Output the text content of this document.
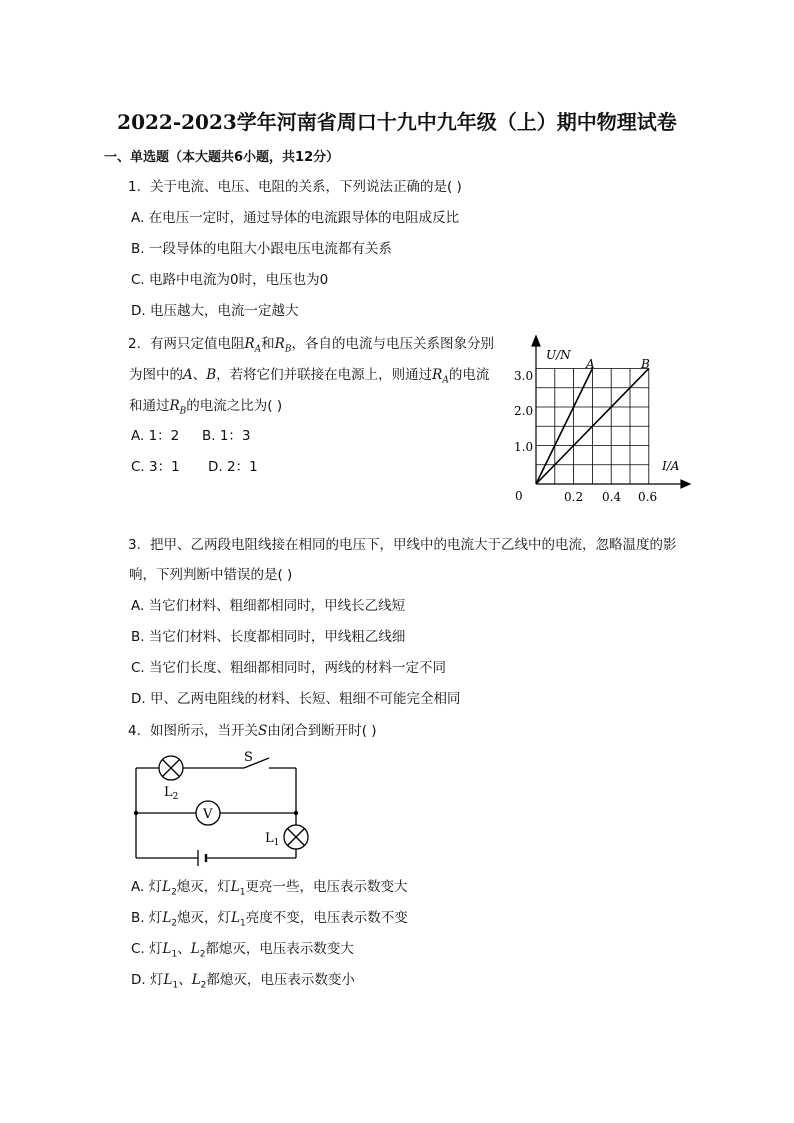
2022-2023学年河南省周口十九中九年级（上）期中物理试卷
一、单选题（本大题共6小题，共12分）
1. 关于电流、电压、电阻的关系，下列说法正确的是( )
A. 在电压一定时，通过导体的电流跟导体的电阻成反比
B. 一段导体的电阻大小跟电压电流都有关系
C. 电路中电流为0时，电压也为0
D. 电压越大，电流一定越大
2. 有两只定值电阻$R_A$和$R_B$，各自的电流与电压关系图象分别
为图中的A、B，若将它们并联接在电源上，则通过$R_A$的电流
和通过$R_B$的电流之比为( )
A. 1：2 B. 1：3
C. 3：1 D. 2：1
U/N
I/A
3.0
2.0
1.0
0	0.2 0.4 0.6
A	B
3. 把甲、乙两段电阻线接在相同的电压下，甲线中的电流大于乙线中的电流，忽略温度的影
响，下列判断中错误的是( )
A. 当它们材料、粗细都相同时，甲线长乙线短
B. 当它们材料、长度都相同时，甲线粗乙线细
C. 当它们长度、粗细都相同时，两线的材料一定不同
D. 甲、乙两电阻线的材料、长短、粗细不可能完全相同
4. 如图所示，当开关S由闭合到断开时( )
S
V
$L_2$
$L_1$
A. 灯$L_2$熄灭，灯$L_1$更亮一些，电压表示数变大
B. 灯$L_2$熄灭，灯$L_1$亮度不变，电压表示数不变
C. 灯$L_1$、$L_2$都熄灭，电压表示数变大
D. 灯$L_1$、$L_2$都熄灭，电压表示数变小
